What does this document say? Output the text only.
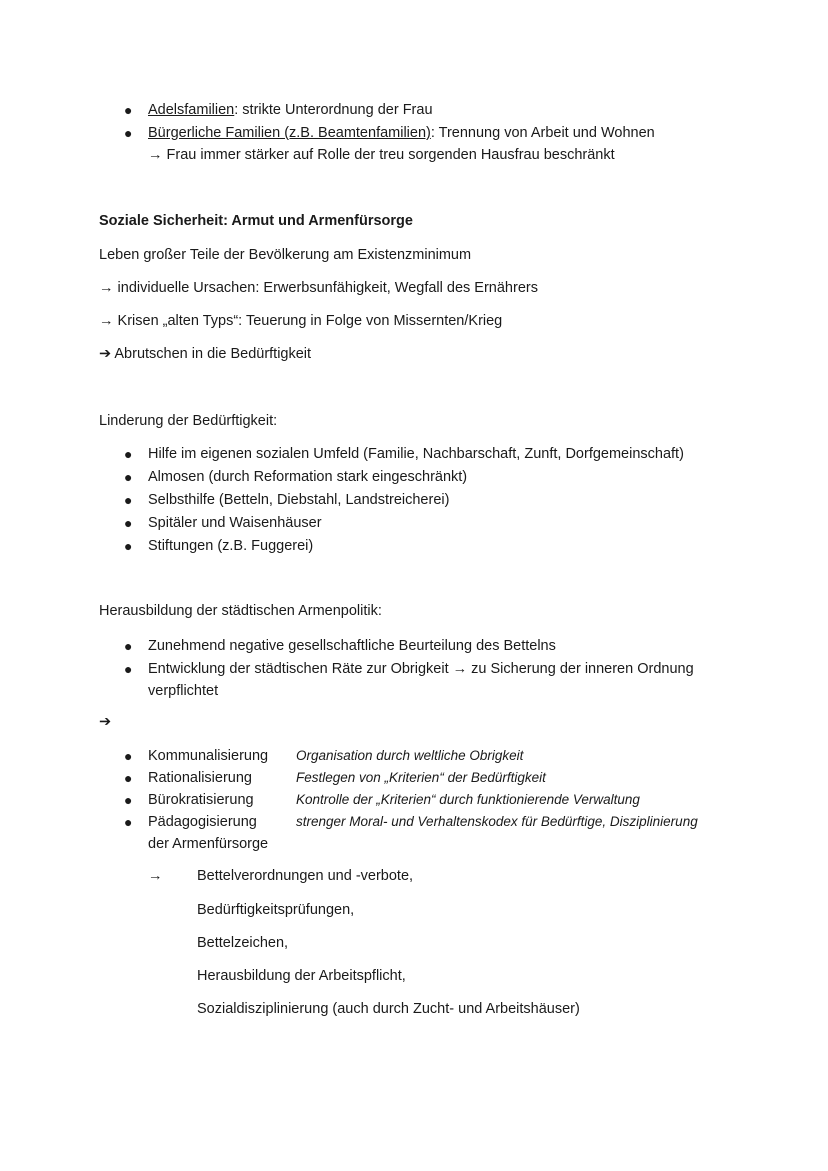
● Adelsfamilien: strikte Unterordnung der Frau
● Bürgerliche Familien (z.B. Beamtenfamilien): Trennung von Arbeit und Wohnen
→ Frau immer stärker auf Rolle der treu sorgenden Hausfrau beschränkt
Soziale Sicherheit: Armut und Armenfürsorge
Leben großer Teile der Bevölkerung am Existenzminimum
→ individuelle Ursachen: Erwerbsunfähigkeit, Wegfall des Ernährers
→ Krisen „alten Typs“: Teuerung in Folge von Missernten/Krieg
➔ Abrutschen in die Bedürftigkeit
Linderung der Bedürftigkeit:
● Hilfe im eigenen sozialen Umfeld (Familie, Nachbarschaft, Zunft, Dorfgemeinschaft)
● Almosen (durch Reformation stark eingeschränkt)
● Selbsthilfe (Betteln, Diebstahl, Landstreicherei)
● Spitäler und Waisenhäuser
● Stiftungen (z.B. Fuggerei)
Herausbildung der städtischen Armenpolitik:
● Zunehmend negative gesellschaftliche Beurteilung des Bettelns
● Entwicklung der städtischen Räte zur Obrigkeit → zu Sicherung der inneren Ordnung
verpflichtet
➔
● Kommunalisierung Organisation durch weltliche Obrigkeit
● Rationalisierung	Festlegen von „Kriterien“ der Bedürftigkeit
● Bürokratisierung	Kontrolle der „Kriterien“ durch funktionierende Verwaltung
● Pädagogisierung	strenger Moral- und Verhaltenskodex für Bedürftige, Disziplinierung
der Armenfürsorge
→ Bettelverordnungen und -verbote,
Bedürftigkeitsprüfungen,
Bettelzeichen,
Herausbildung der Arbeitspflicht,
Sozialdisziplinierung (auch durch Zucht- und Arbeitshäuser)
